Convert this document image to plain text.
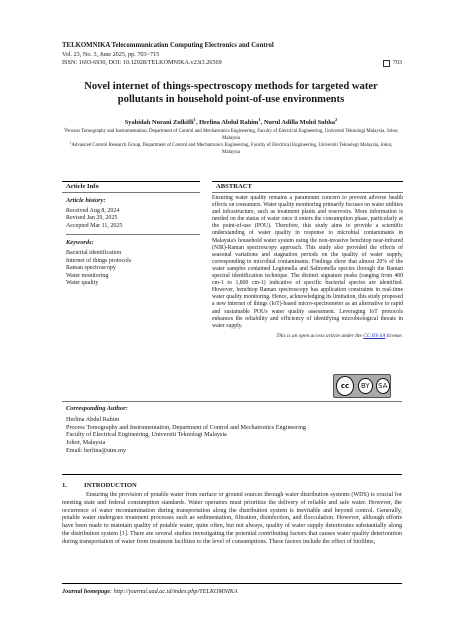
TELKOMNIKA Telecommunication Computing Electronics and Control
Vol. 23, No. 3, June 2025, pp. 703~715
ISSN: 1693-6930, DOI: 10.12928/TELKOMNIKA.v23i3.26569	703
Novel internet of things-spectroscopy methods for targeted water pollutants in household point-of-use environments
Syahidah Nurani Zulkifli$^1$, Herlina Abdul Rahim$^1$, Nurul Adilla Mohd Subha$^2$
$^1$Process Tomography and Instrumentation, Department of Control and Mechatronics Engineering, Faculty of Electrical Engineering, Universiti Teknologi Malaysia, Johor, Malaysia
$^2$Advanced Control Research Group, Department of Control and Mechatronics Engineering, Faculty of Electrical Engineering, Universiti Teknologi Malaysia, Johor, Malaysia
Article Info
Article history:
Received Aug 8, 2024
Revised Jan 29, 2025
Accepted Mar 11, 2025
Keywords:
Bacterial identification
Internet of things protocols
Raman spectroscopy
Water monitoring
Water quality
ABSTRACT
Ensuring water quality remains a paramount concern to prevent adverse health effects on consumers. Water quality monitoring primarily focuses on water utilities and infrastructure, such as treatment plants and reservoirs. More information is needed on the status of water once it enters the consumption phase, particularly at the point-of-use (POU). Therefore, this study aims to provide a scientific understanding of water quality in response to microbial contaminants in Malaysia's household water system using the non-invasive benchtop near-infrared (NIR)-Raman spectroscopy approach. This study also provided the effects of seasonal variations and stagnation periods on the quality of water supply, corresponding to microbial contaminants. Findings show that almost 20% of the water samples contained Legionella and Salmonella species through the Raman spectral identification technique. The distinct signature peaks (ranging from 400 cm-1 to 1,800 cm-1) indicative of specific bacterial species are identified. However, benchtop Raman spectroscopy has application constraints in real-time water quality monitoring. Hence, acknowledging its limitation, this study proposed a new internet of things (IoT)-based micro-spectrometer as an alternative to rapid and sustainable POUs water quality assessment. Leveraging IoT protocols enhances the reliability and efficiency of identifying microbiological threats in water supply.
This is an open access article under the CC BY-SA license.
cc	BY	SA
Corresponding Author:
Herlina Abdul Rahim
Process Tomography and Instrumentation, Department of Control and Mechatronics Engineering
Faculty of Electrical Engineering, Universiti Teknologi Malaysia
Johor, Malaysia
Email: herlina@utm.my
1.	INTRODUCTION
Ensuring the provision of potable water from surface or ground sources through water distribution systems (WDS) is crucial for meeting state and federal consumption standards. Water operators must prioritize the delivery of reliable and safe water. However, the occurrence of water recontamination during transportation along the distribution system is inevitable and beyond control. Generally, potable water undergoes treatment processes such as sedimentation, filtration, disinfection, and flocculation. However, although efforts have been made to maintain quality of potable water, quite often, but not always, quality of water supply deteriorates substantially along the distribution system [1]. There are several studies investigating the potential contributing factors that causes water quality deterioration during transportation of water from treatment facilities to the level of consumptions. These factors include the effect of biofilms,
Journal homepage: http://journal.uad.ac.id/index.php/TELKOMNIKA
